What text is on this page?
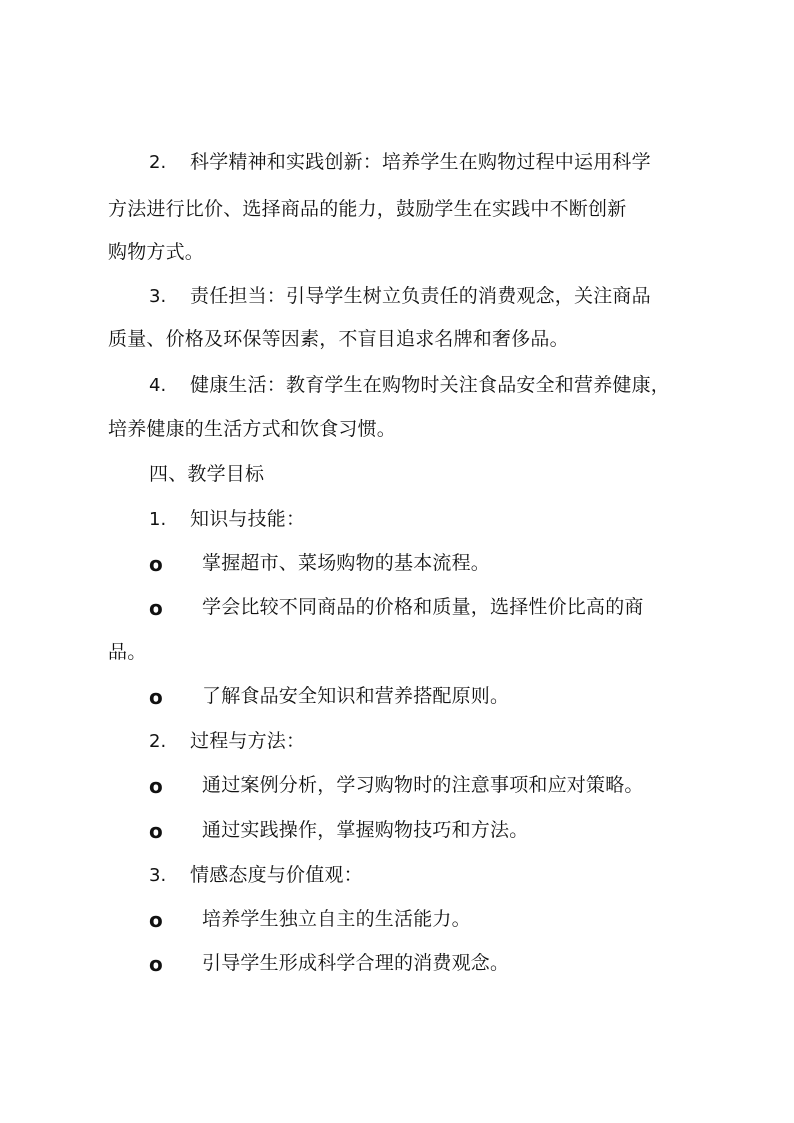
2. 科学精神和实践创新：培养学生在购物过程中运用科学
方法进行比价、选择商品的能力，鼓励学生在实践中不断创新
购物方式。
3. 责任担当：引导学生树立负责任的消费观念，关注商品
质量、价格及环保等因素，不盲目追求名牌和奢侈品。
4. 健康生活：教育学生在购物时关注食品安全和营养健康，
培养健康的生活方式和饮食习惯。
四、教学目标
1. 知识与技能：
o 掌握超市、菜场购物的基本流程。
o 学会比较不同商品的价格和质量，选择性价比高的商
品。
o 了解食品安全知识和营养搭配原则。
2. 过程与方法：
o 通过案例分析，学习购物时的注意事项和应对策略。
o 通过实践操作，掌握购物技巧和方法。
3. 情感态度与价值观：
o 培养学生独立自主的生活能力。
o 引导学生形成科学合理的消费观念。
